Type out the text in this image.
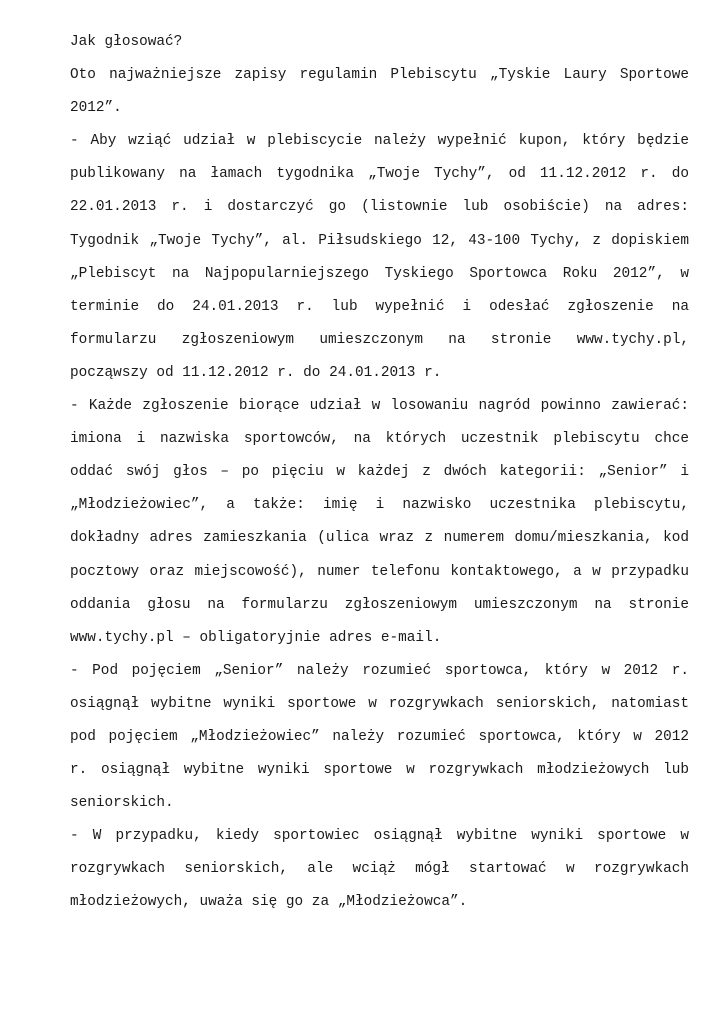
Jak głosować?
Oto najważniejsze zapisy regulamin Plebiscytu „Tyskie Laury Sportowe
2012”.
- Aby wziąć udział w plebiscycie należy wypełnić kupon, który będzie
publikowany na łamach tygodnika „Twoje Tychy”, od 11.12.2012 r. do
22.01.2013 r. i dostarczyć go (listownie lub osobiście) na adres:
Tygodnik „Twoje Tychy”, al. Piłsudskiego 12, 43-100 Tychy, z dopiskiem
„Plebiscyt na Najpopularniejszego Tyskiego Sportowca Roku 2012”, w
terminie do 24.01.2013 r. lub wypełnić i odesłać zgłoszenie na
formularzu zgłoszeniowym umieszczonym na stronie www.tychy.pl,
począwszy od 11.12.2012 r. do 24.01.2013 r.
- Każde zgłoszenie biorące udział w losowaniu nagród powinno zawierać:
imiona i nazwiska sportowców, na których uczestnik plebiscytu chce
oddać swój głos – po pięciu w każdej z dwóch kategorii: „Senior” i
„Młodzieżowiec”, a także: imię i nazwisko uczestnika plebiscytu,
dokładny adres zamieszkania (ulica wraz z numerem domu/mieszkania, kod
pocztowy oraz miejscowość), numer telefonu kontaktowego, a w przypadku
oddania głosu na formularzu zgłoszeniowym umieszczonym na stronie
www.tychy.pl – obligatoryjnie adres e-mail.
- Pod pojęciem „Senior” należy rozumieć sportowca, który w 2012 r.
osiągnął wybitne wyniki sportowe w rozgrywkach seniorskich, natomiast
pod pojęciem „Młodzieżowiec” należy rozumieć sportowca, który w 2012
r. osiągnął wybitne wyniki sportowe w rozgrywkach młodzieżowych lub
seniorskich.
- W przypadku, kiedy sportowiec osiągnął wybitne wyniki sportowe w
rozgrywkach seniorskich, ale wciąż mógł startować w rozgrywkach
młodzieżowych, uważa się go za „Młodzieżowca”.
